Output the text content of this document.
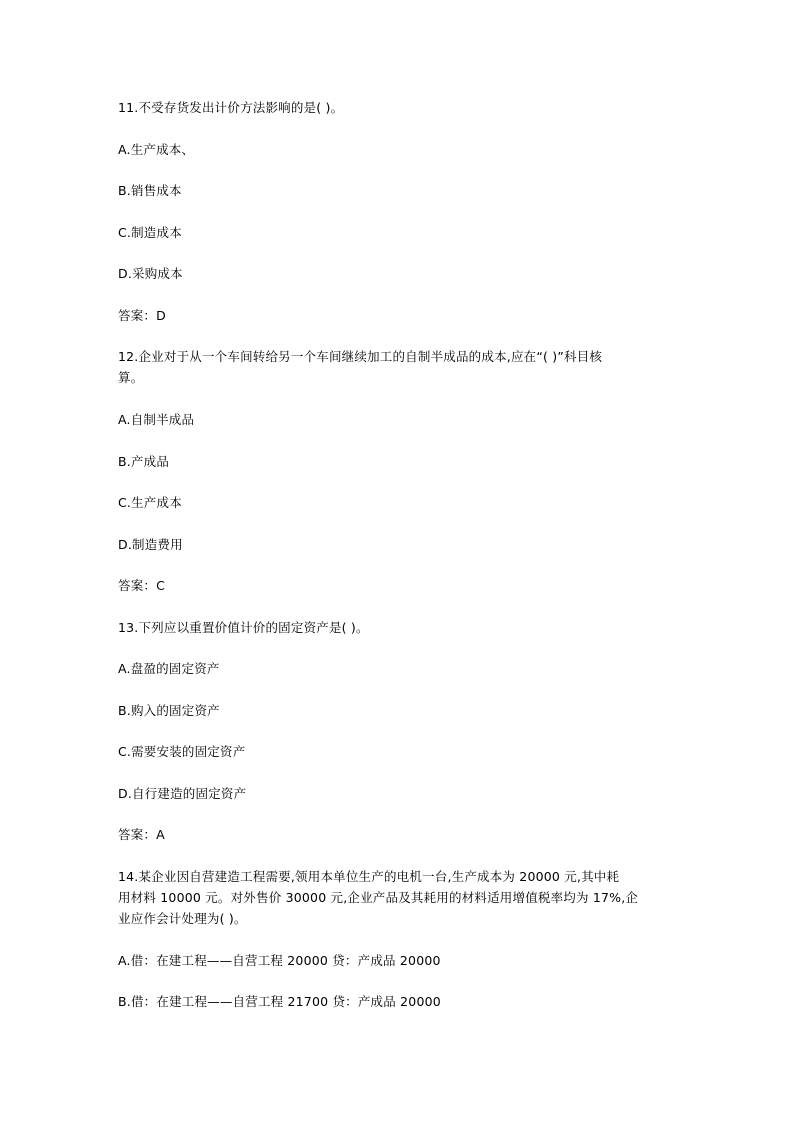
11.不受存货发出计价方法影响的是( )。
A.生产成本、
B.销售成本
C.制造成本
D.采购成本
答案：D
12.企业对于从一个车间转给另一个车间继续加工的自制半成品的成本,应在“( )”科目核
算。
A.自制半成品
B.产成品
C.生产成本
D.制造费用
答案：C
13.下列应以重置价值计价的固定资产是( )。
A.盘盈的固定资产
B.购入的固定资产
C.需要安装的固定资产
D.自行建造的固定资产
答案：A
14.某企业因自营建造工程需要,领用本单位生产的电机一台,生产成本为 20000 元,其中耗
用材料 10000 元。对外售价 30000 元,企业产品及其耗用的材料适用增值税率均为 17%,企
业应作会计处理为( )。
A.借：在建工程——自营工程 20000 贷：产成品 20000
B.借：在建工程——自营工程 21700 贷：产成品 20000
